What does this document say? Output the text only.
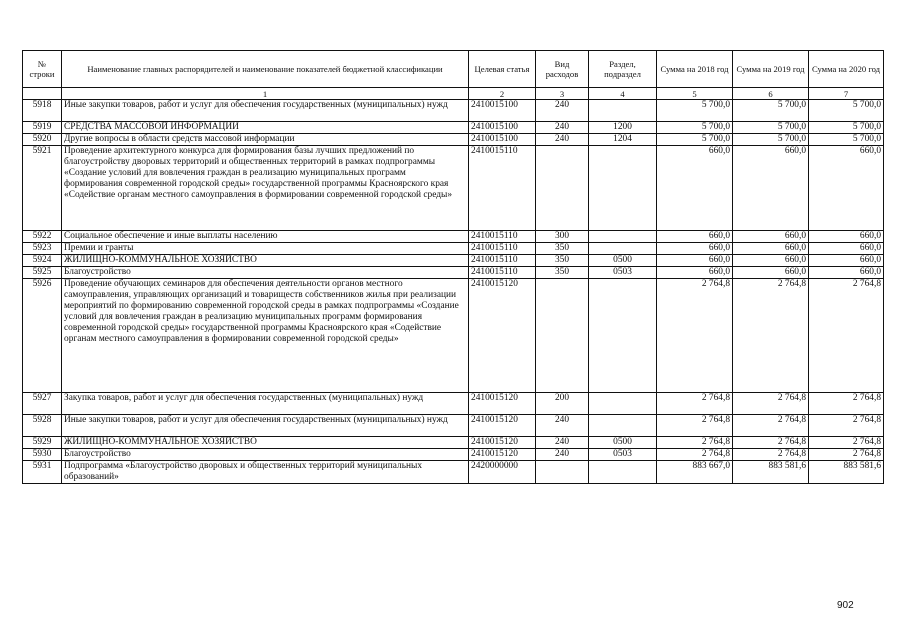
№ строки	Наименование главных распорядителей и наименование показателей бюджетной классификации	Целевая статья	Вид расходов	Раздел, подраздел	Сумма на 2018 год	Сумма на 2019 год	Сумма на 2020 год
	1	2	3	4	5	6	7
5918	Иные закупки товаров, работ и услуг для обеспечения государственных (муниципальных) нужд	2410015100	240		5 700,0	5 700,0	5 700,0
5919	СРЕДСТВА МАССОВОЙ ИНФОРМАЦИИ	2410015100	240	1200	5 700,0	5 700,0	5 700,0
5920	Другие вопросы в области средств массовой информации	2410015100	240	1204	5 700,0	5 700,0	5 700,0
5921	Проведение архитектурного конкурса для формирования базы лучших предложений по благоустройству дворовых территорий и общественных территорий в рамках подпрограммы «Создание условий для вовлечения граждан в реализацию муниципальных программ формирования современной городской среды» государственной программы Красноярского края «Содействие органам местного самоуправления в формировании современной городской среды»	2410015110			660,0	660,0	660,0
5922	Социальное обеспечение и иные выплаты населению	2410015110	300		660,0	660,0	660,0
5923	Премии и гранты	2410015110	350		660,0	660,0	660,0
5924	ЖИЛИЩНО-КОММУНАЛЬНОЕ ХОЗЯЙСТВО	2410015110	350	0500	660,0	660,0	660,0
5925	Благоустройство	2410015110	350	0503	660,0	660,0	660,0
5926	Проведение обучающих семинаров для обеспечения деятельности органов местного самоуправления, управляющих организаций и товариществ собственников жилья при реализации мероприятий по формированию современной городской среды в рамках подпрограммы «Создание условий для вовлечения граждан в реализацию муниципальных программ формирования современной городской среды» государственной программы Красноярского края «Содействие органам местного самоуправления в формировании современной городской среды»	2410015120			2 764,8	2 764,8	2 764,8
5927	Закупка товаров, работ и услуг для обеспечения государственных (муниципальных) нужд	2410015120	200		2 764,8	2 764,8	2 764,8
5928	Иные закупки товаров, работ и услуг для обеспечения государственных (муниципальных) нужд	2410015120	240		2 764,8	2 764,8	2 764,8
5929	ЖИЛИЩНО-КОММУНАЛЬНОЕ ХОЗЯЙСТВО	2410015120	240	0500	2 764,8	2 764,8	2 764,8
5930	Благоустройство	2410015120	240	0503	2 764,8	2 764,8	2 764,8
5931	Подпрограмма «Благоустройство дворовых и общественных территорий муниципальных образований»	2420000000			883 667,0	883 581,6	883 581,6
902
